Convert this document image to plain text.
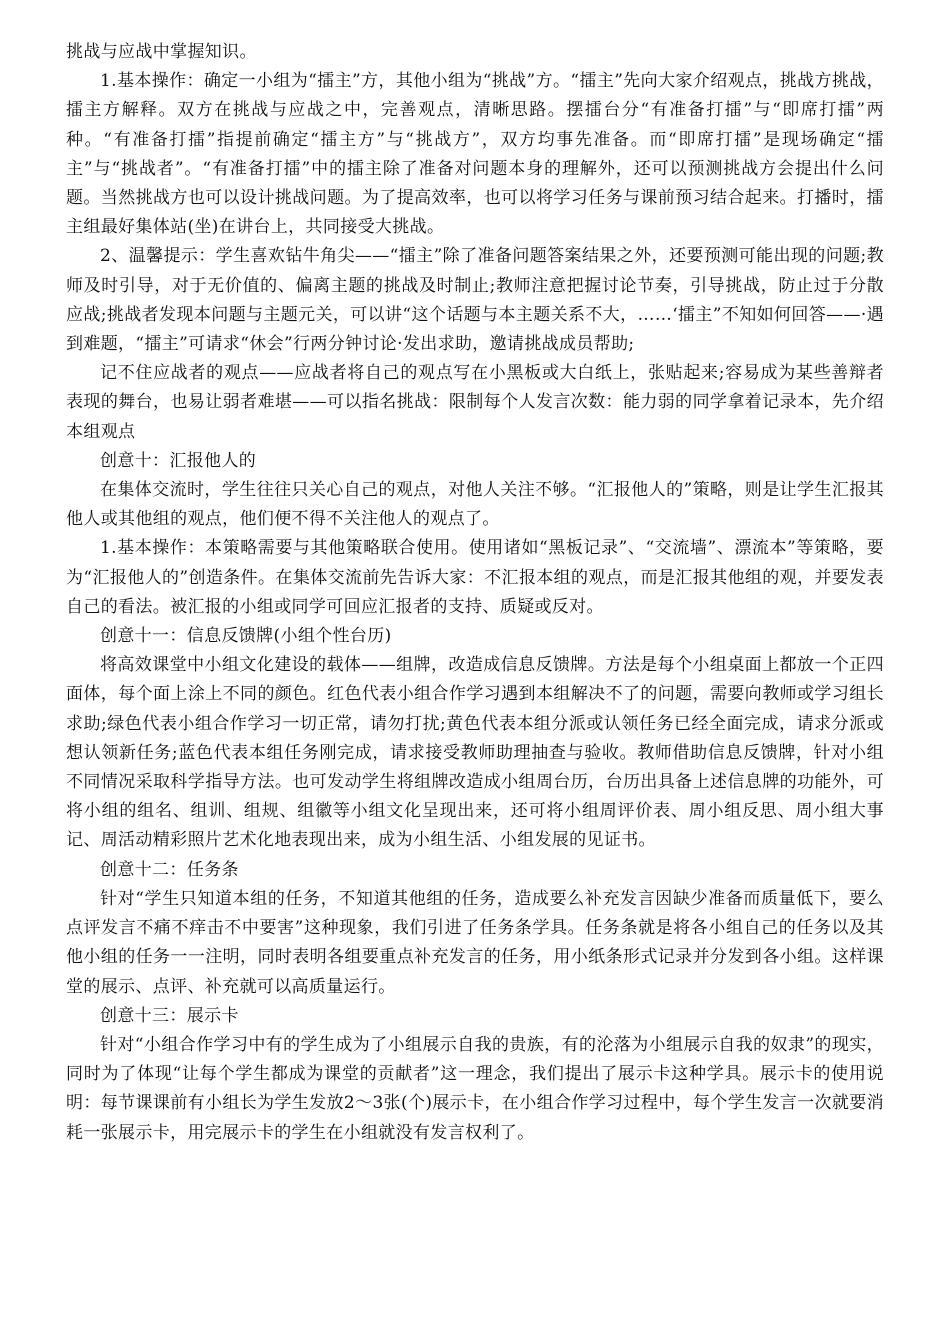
挑战与应战中掌握知识。

1.基本操作：确定一小组为“擂主”方，其他小组为“挑战”方。“擂主”先向大家介绍观点，挑战方挑战，擂主方解释。双方在挑战与应战之中，完善观点，清晰思路。摆擂台分“有准备打擂”与“即席打擂”两种。“有准备打擂”指提前确定“擂主方”与“挑战方”，双方均事先准备。而“即席打擂”是现场确定“擂主”与“挑战者”。“有准备打擂”中的擂主除了准备对问题本身的理解外，还可以预测挑战方会提出什么问题。当然挑战方也可以设计挑战问题。为了提高效率，也可以将学习任务与课前预习结合起来。打播时，擂主组最好集体站(坐)在讲台上，共同接受大挑战。

2、温馨提示：学生喜欢钻牛角尖——“擂主”除了准备问题答案结果之外，还要预测可能出现的问题;教师及时引导，对于无价值的、偏离主题的挑战及时制止;教师注意把握讨论节奏，引导挑战，防止过于分散应战;挑战者发现本问题与主题元关，可以讲“这个话题与本主题关系不大，……‘擂主”不知如何回答——·遇到难题，“擂主”可请求“休会”行两分钟讨论·发出求助，邀请挑战成员帮助;

记不住应战者的观点——应战者将自己的观点写在小黑板或大白纸上，张贴起来;容易成为某些善辩者表现的舞台，也易让弱者难堪——可以指名挑战：限制每个人发言次数：能力弱的同学拿着记录本，先介绍本组观点

创意十：汇报他人的

在集体交流时，学生往往只关心自己的观点，对他人关注不够。“汇报他人的”策略，则是让学生汇报其他人或其他组的观点，他们便不得不关注他人的观点了。

1.基本操作：本策略需要与其他策略联合使用。使用诸如“黑板记录”、“交流墙”、漂流本”等策略，要为“汇报他人的”创造条件。在集体交流前先告诉大家：不汇报本组的观点，而是汇报其他组的观，并要发表自己的看法。被汇报的小组或同学可回应汇报者的支持、质疑或反对。

创意十一：信息反馈牌(小组个性台历)

将高效课堂中小组文化建设的载体——组牌，改造成信息反馈牌。方法是每个小组桌面上都放一个正四面体，每个面上涂上不同的颜色。红色代表小组合作学习遇到本组解决不了的问题，需要向教师或学习组长求助;绿色代表小组合作学习一切正常，请勿打扰;黄色代表本组分派或认领任务已经全面完成，请求分派或想认领新任务;蓝色代表本组任务刚完成，请求接受教师助理抽查与验收。教师借助信息反馈牌，针对小组不同情况采取科学指导方法。也可发动学生将组牌改造成小组周台历，台历出具备上述信息牌的功能外，可将小组的组名、组训、组规、组徽等小组文化呈现出来，还可将小组周评价表、周小组反思、周小组大事记、周活动精彩照片艺术化地表现出来，成为小组生活、小组发展的见证书。

创意十二：任务条

针对“学生只知道本组的任务，不知道其他组的任务，造成要么补充发言因缺少准备而质量低下，要么点评发言不痛不痒击不中要害”这种现象，我们引进了任务条学具。任务条就是将各小组自己的任务以及其他小组的任务一一注明，同时表明各组要重点补充发言的任务，用小纸条形式记录并分发到各小组。这样课堂的展示、点评、补充就可以高质量运行。

创意十三：展示卡

针对“小组合作学习中有的学生成为了小组展示自我的贵族，有的沦落为小组展示自我的奴隶”的现实，同时为了体现“让每个学生都成为课堂的贡献者”这一理念，我们提出了展示卡这种学具。展示卡的使用说明：每节课课前有小组长为学生发放2～3张(个)展示卡，在小组合作学习过程中，每个学生发言一次就要消耗一张展示卡，用完展示卡的学生在小组就没有发言权利了。
